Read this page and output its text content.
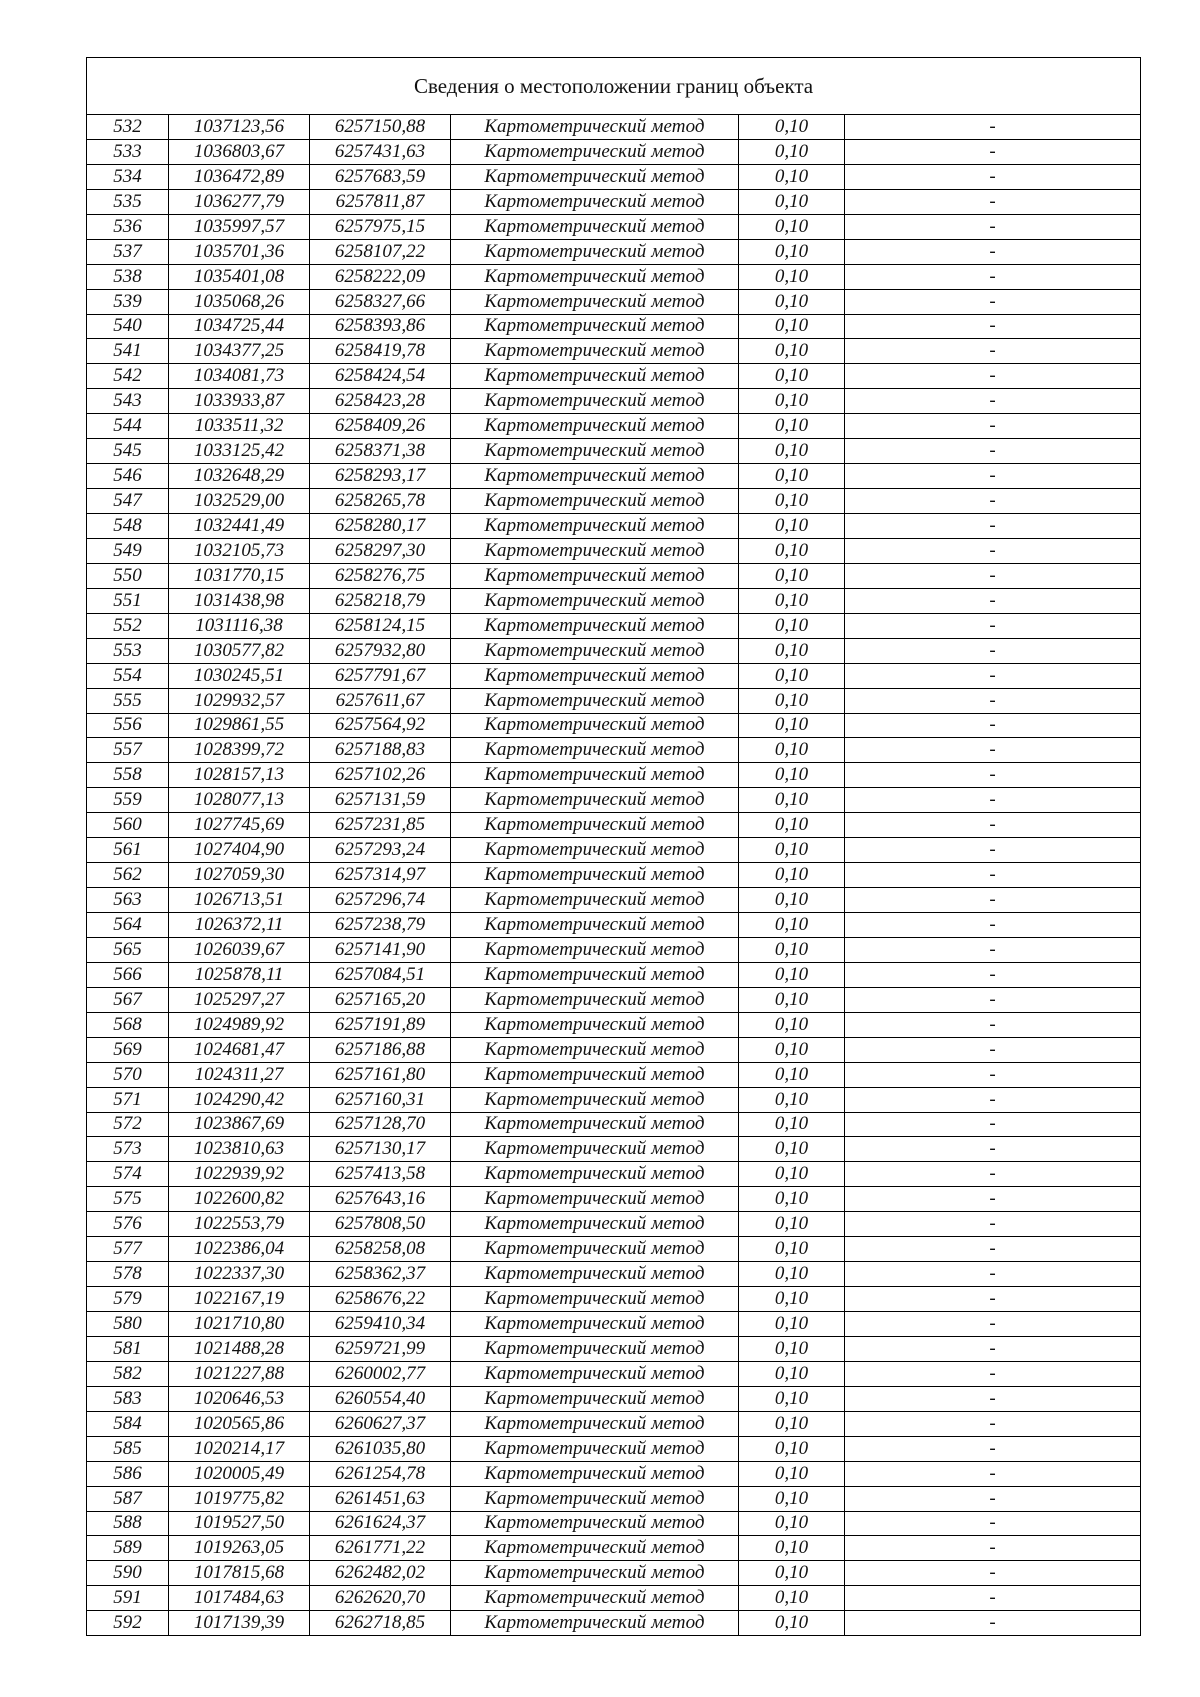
Сведения о местоположении границ объекта					
532	1037123,56	6257150,88	Картометрический метод	0,10	-
533	1036803,67	6257431,63	Картометрический метод	0,10	-
534	1036472,89	6257683,59	Картометрический метод	0,10	-
535	1036277,79	6257811,87	Картометрический метод	0,10	-
536	1035997,57	6257975,15	Картометрический метод	0,10	-
537	1035701,36	6258107,22	Картометрический метод	0,10	-
538	1035401,08	6258222,09	Картометрический метод	0,10	-
539	1035068,26	6258327,66	Картометрический метод	0,10	-
540	1034725,44	6258393,86	Картометрический метод	0,10	-
541	1034377,25	6258419,78	Картометрический метод	0,10	-
542	1034081,73	6258424,54	Картометрический метод	0,10	-
543	1033933,87	6258423,28	Картометрический метод	0,10	-
544	1033511,32	6258409,26	Картометрический метод	0,10	-
545	1033125,42	6258371,38	Картометрический метод	0,10	-
546	1032648,29	6258293,17	Картометрический метод	0,10	-
547	1032529,00	6258265,78	Картометрический метод	0,10	-
548	1032441,49	6258280,17	Картометрический метод	0,10	-
549	1032105,73	6258297,30	Картометрический метод	0,10	-
550	1031770,15	6258276,75	Картометрический метод	0,10	-
551	1031438,98	6258218,79	Картометрический метод	0,10	-
552	1031116,38	6258124,15	Картометрический метод	0,10	-
553	1030577,82	6257932,80	Картометрический метод	0,10	-
554	1030245,51	6257791,67	Картометрический метод	0,10	-
555	1029932,57	6257611,67	Картометрический метод	0,10	-
556	1029861,55	6257564,92	Картометрический метод	0,10	-
557	1028399,72	6257188,83	Картометрический метод	0,10	-
558	1028157,13	6257102,26	Картометрический метод	0,10	-
559	1028077,13	6257131,59	Картометрический метод	0,10	-
560	1027745,69	6257231,85	Картометрический метод	0,10	-
561	1027404,90	6257293,24	Картометрический метод	0,10	-
562	1027059,30	6257314,97	Картометрический метод	0,10	-
563	1026713,51	6257296,74	Картометрический метод	0,10	-
564	1026372,11	6257238,79	Картометрический метод	0,10	-
565	1026039,67	6257141,90	Картометрический метод	0,10	-
566	1025878,11	6257084,51	Картометрический метод	0,10	-
567	1025297,27	6257165,20	Картометрический метод	0,10	-
568	1024989,92	6257191,89	Картометрический метод	0,10	-
569	1024681,47	6257186,88	Картометрический метод	0,10	-
570	1024311,27	6257161,80	Картометрический метод	0,10	-
571	1024290,42	6257160,31	Картометрический метод	0,10	-
572	1023867,69	6257128,70	Картометрический метод	0,10	-
573	1023810,63	6257130,17	Картометрический метод	0,10	-
574	1022939,92	6257413,58	Картометрический метод	0,10	-
575	1022600,82	6257643,16	Картометрический метод	0,10	-
576	1022553,79	6257808,50	Картометрический метод	0,10	-
577	1022386,04	6258258,08	Картометрический метод	0,10	-
578	1022337,30	6258362,37	Картометрический метод	0,10	-
579	1022167,19	6258676,22	Картометрический метод	0,10	-
580	1021710,80	6259410,34	Картометрический метод	0,10	-
581	1021488,28	6259721,99	Картометрический метод	0,10	-
582	1021227,88	6260002,77	Картометрический метод	0,10	-
583	1020646,53	6260554,40	Картометрический метод	0,10	-
584	1020565,86	6260627,37	Картометрический метод	0,10	-
585	1020214,17	6261035,80	Картометрический метод	0,10	-
586	1020005,49	6261254,78	Картометрический метод	0,10	-
587	1019775,82	6261451,63	Картометрический метод	0,10	-
588	1019527,50	6261624,37	Картометрический метод	0,10	-
589	1019263,05	6261771,22	Картометрический метод	0,10	-
590	1017815,68	6262482,02	Картометрический метод	0,10	-
591	1017484,63	6262620,70	Картометрический метод	0,10	-
592	1017139,39	6262718,85	Картометрический метод	0,10	-
